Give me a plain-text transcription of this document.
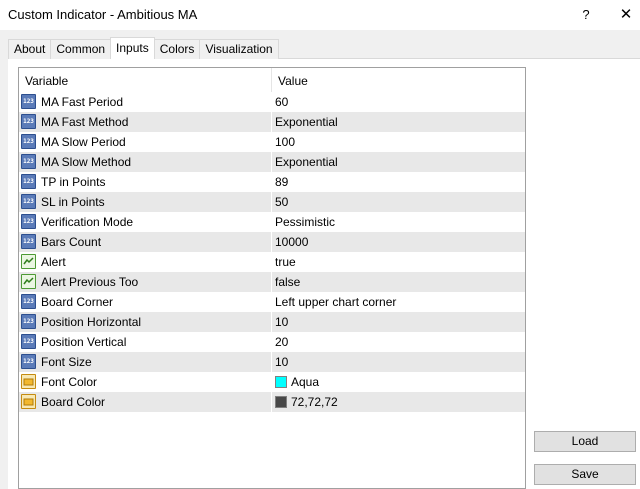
Custom Indicator - Ambitious MA	?	✕
About Common Inputs Colors Visualization
Variable	Value
123 MA Fast Period	60
123 MA Fast Method	Exponential
123 MA Slow Period	100
123 MA Slow Method	Exponential
123 TP in Points	89
123 SL in Points	50
123 Verification Mode	Pessimistic
123 Bars Count	10000
Alert	true
Alert Previous Too	false
123 Board Corner	Left upper chart corner
123 Position Horizontal	10
123 Position Vertical	20
123 Font Size	10
Font Color	Aqua
Board Color	72,72,72
Load
Save
